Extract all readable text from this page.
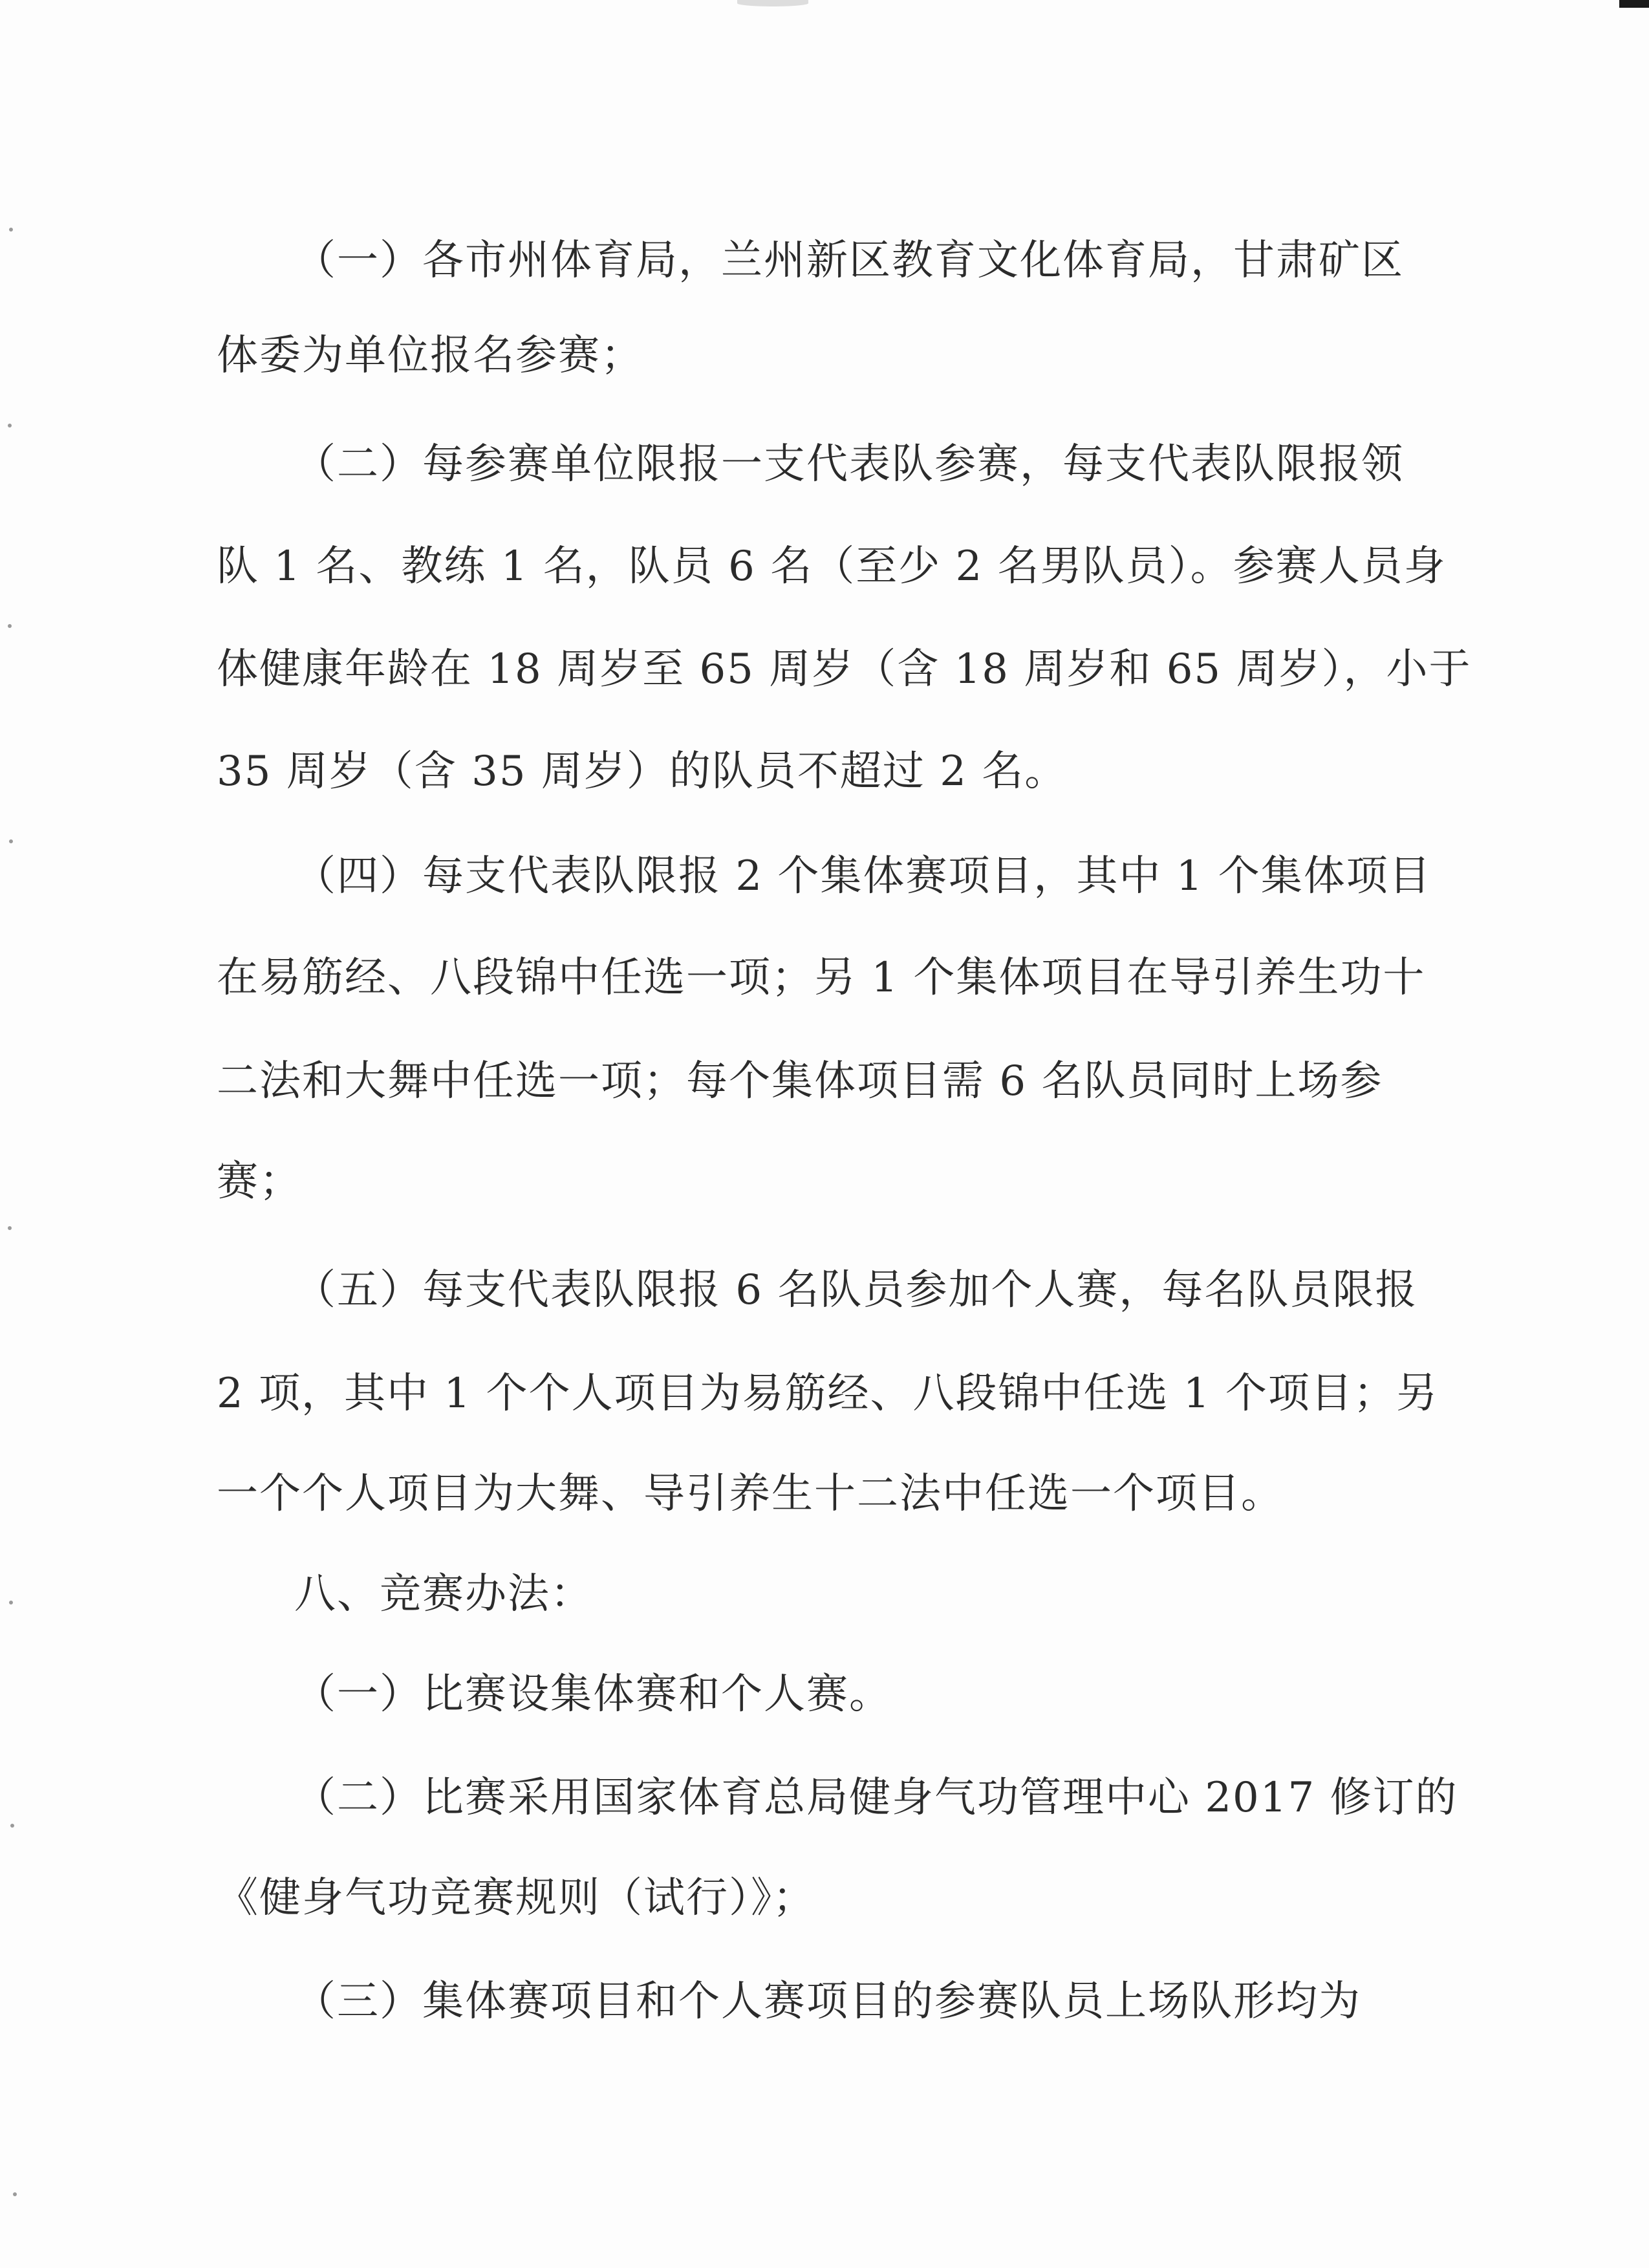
（一）各市州体育局，兰州新区教育文化体育局，甘肃矿区

体委为单位报名参赛；

（二）每参赛单位限报一支代表队参赛，每支代表队限报领

队 1 名、教练 1 名，队员 6 名（至少 2 名男队员）。参赛人员身

体健康年龄在 18 周岁至 65 周岁（含 18 周岁和 65 周岁），小于

35 周岁（含 35 周岁）的队员不超过 2 名。

（四）每支代表队限报 2 个集体赛项目，其中 1 个集体项目

在易筋经、八段锦中任选一项；另 1 个集体项目在导引养生功十

二法和大舞中任选一项；每个集体项目需 6 名队员同时上场参

赛；

（五）每支代表队限报 6 名队员参加个人赛，每名队员限报

2 项，其中 1 个个人项目为易筋经、八段锦中任选 1 个项目；另

一个个人项目为大舞、导引养生十二法中任选一个项目。

八、竞赛办法：

（一）比赛设集体赛和个人赛。

（二）比赛采用国家体育总局健身气功管理中心 2017 修订的

《健身气功竞赛规则（试行）》；

（三）集体赛项目和个人赛项目的参赛队员上场队形均为
